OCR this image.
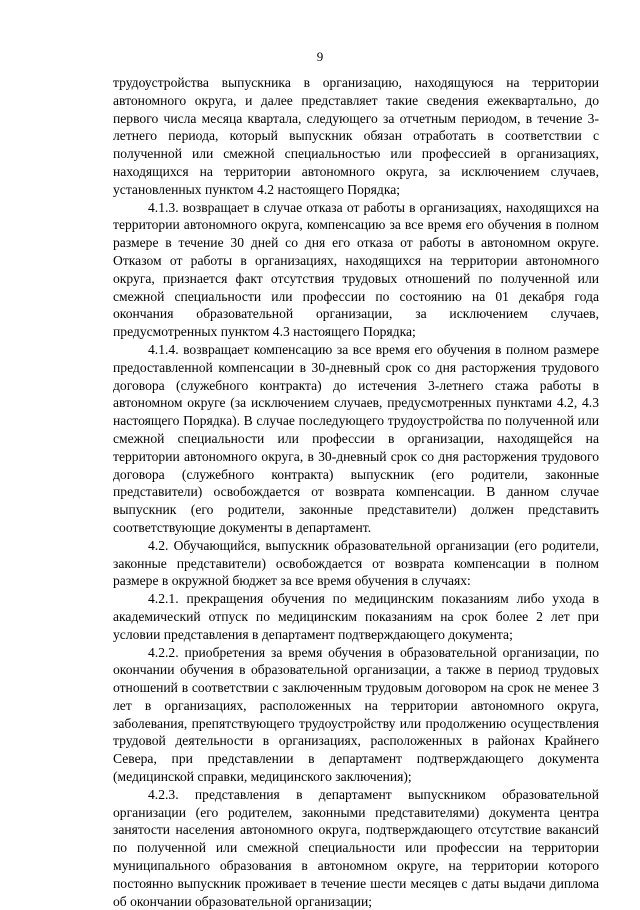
9

трудоустройства выпускника в организацию, находящуюся на территории автономного округа, и далее представляет такие сведения ежеквартально, до первого числа месяца квартала, следующего за отчетным периодом, в течение 3-летнего периода, который выпускник обязан отработать в соответствии с полученной или смежной специальностью или профессией в организациях, находящихся на территории автономного округа, за исключением случаев, установленных пунктом 4.2 настоящего Порядка;

4.1.3. возвращает в случае отказа от работы в организациях, находящихся на территории автономного округа, компенсацию за все время его обучения в полном размере в течение 30 дней со дня его отказа от работы в автономном округе. Отказом от работы в организациях, находящихся на территории автономного округа, признается факт отсутствия трудовых отношений по полученной или смежной специальности или профессии по состоянию на 01 декабря года окончания образовательной организации, за исключением случаев, предусмотренных пунктом 4.3 настоящего Порядка;

4.1.4. возвращает компенсацию за все время его обучения в полном размере предоставленной компенсации в 30-дневный срок со дня расторжения трудового договора (служебного контракта) до истечения 3-летнего стажа работы в автономном округе (за исключением случаев, предусмотренных пунктами 4.2, 4.3 настоящего Порядка). В случае последующего трудоустройства по полученной или смежной специальности или профессии в организации, находящейся на территории автономного округа, в 30-дневный срок со дня расторжения трудового договора (служебного контракта) выпускник (его родители, законные представители) освобождается от возврата компенсации. В данном случае выпускник (его родители, законные представители) должен представить соответствующие документы в департамент.

4.2. Обучающийся, выпускник образовательной организации (его родители, законные представители) освобождается от возврата компенсации в полном размере в окружной бюджет за все время обучения в случаях:

4.2.1. прекращения обучения по медицинским показаниям либо ухода в академический отпуск по медицинским показаниям на срок более 2 лет при условии представления в департамент подтверждающего документа;

4.2.2. приобретения за время обучения в образовательной организации, по окончании обучения в образовательной организации, а также в период трудовых отношений в соответствии с заключенным трудовым договором на срок не менее 3 лет в организациях, расположенных на территории автономного округа, заболевания, препятствующего трудоустройству или продолжению осуществления трудовой деятельности в организациях, расположенных в районах Крайнего Севера, при представлении в департамент подтверждающего документа (медицинской справки, медицинского заключения);

4.2.3. представления в департамент выпускником образовательной организации (его родителем, законными представителями) документа центра занятости населения автономного округа, подтверждающего отсутствие вакансий по полученной или смежной специальности или профессии на территории муниципального образования в автономном округе, на территории которого постоянно выпускник проживает в течение шести месяцев с даты выдачи диплома об окончании образовательной организации;
